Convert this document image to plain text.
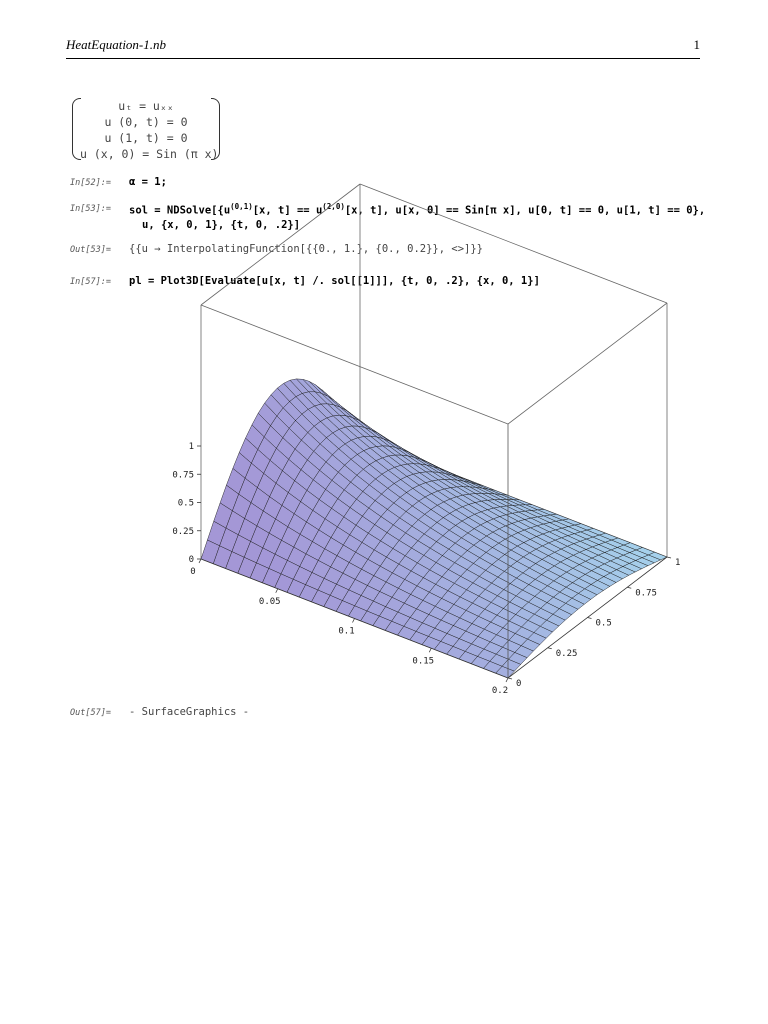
HeatEquation-1.nb	1
uₜ = uₓₓ
u (0, t) = 0
u (1, t) = 0
u (x, 0) = Sin (π x)
In[52]:=	α = 1;
In[53]:=	sol = $NDSolve[\{u^{(0,1)}[x$, $t] == u^{(2,0)}[x$, t], u[x, 0] == Sin[π x], u[0, t] == 0, u[1, t] == 0},
u, {x, 0, 1}, {t, 0, .2}]
Out[53]=	{{u → InterpolatingFunction[{{0., 1.}, {0., 0.2}}, <>]}}
In[57]:=	pl = Plot3D[Evaluate[u[x, t] /. sol[[1]]], {t, 0, .2}, {x, 0, 1}]
0
0.05
0.1
0.15
0.2
0
0.25
0.5
0.75
1
0
0.25
0.5
0.75
1
Out[57]=	- SurfaceGraphics -
